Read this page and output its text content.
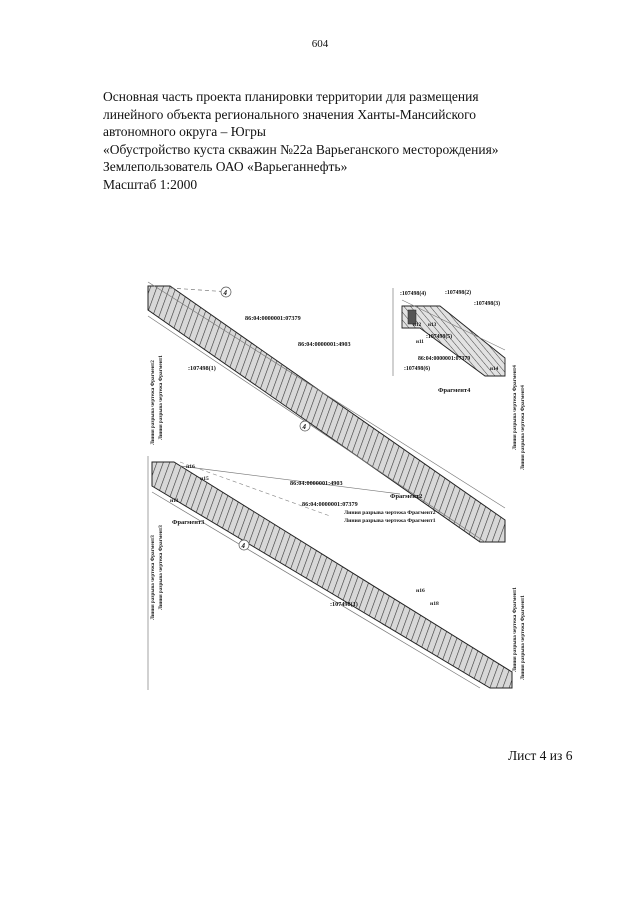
604
Основная часть проекта планировки территории для размещения
линейного объекта регионального значения Ханты-Мансийского
автономного округа – Югры
«Обустройство куста скважин №22а Варьеганского месторождения»
Землепользователь ОАО «Варьеганнефть»
Масштаб 1:2000
4
4
86:04:0000001:07379
86:04:0000001:4903
:107498(1)
Линия разрыва чертежа Фрагмент2 Линия разрыва чертежа Фрагмент1
:107498(4)	:107498(2)
:107498(3)
н12 н13
:107498(5)
н11
86:04:0000001:07379
:107498(6)	н14
Фрагмент4	Линия разрыва чертежа Фрагмент4 Линия разрыва чертежа Фрагмент4
4
н16
н15
н11
86:04:0000001:4903
86:04:0000001:07379
Фрагмент2
Линия разрыва чертежа Фрагмент2
Линия разрыва чертежа Фрагмент1
Фрагмент3
:107498(1)
н16
н18
Линия разрыва чертежа Фрагмент3 Линия разрыва чертежа Фрагмент3
Линия разрыва чертежа Фрагмент1 Линия разрыва чертежа Фрагмент1
Лист 4 из 6
